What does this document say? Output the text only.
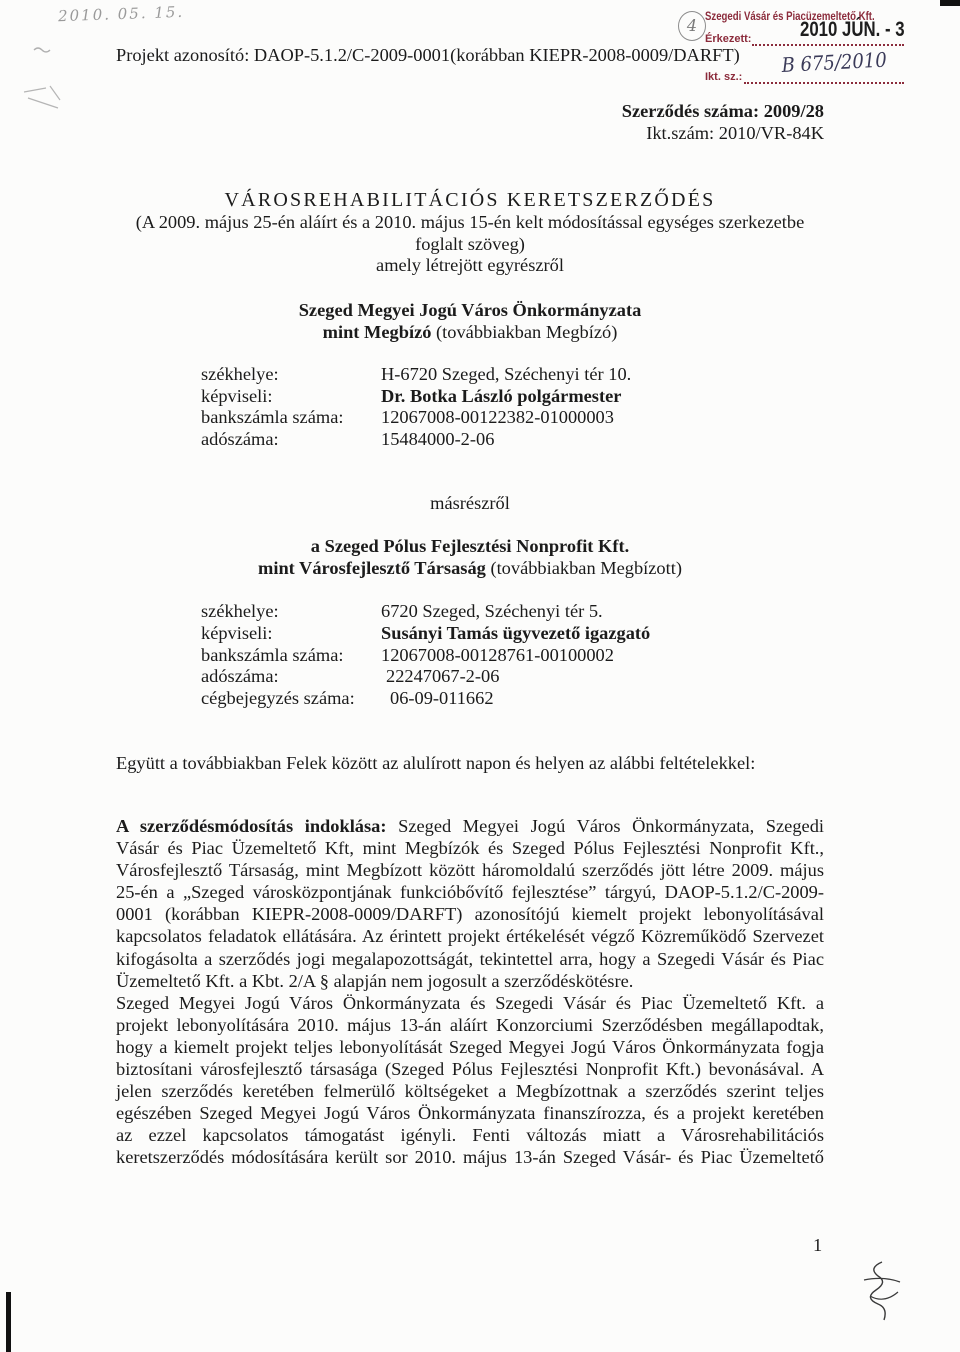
2010. 05. 15.
4 Szegedi Vásár és Piacüzemeltető Kft.
Érkezett: 2010 JÚN. - 3
B 675/2010
Ikt. sz.:
Projekt azonosító: DAOP-5.1.2/C-2009-0001(korábban KIEPR-2008-0009/DARFT)
Szerződés száma: 2009/28
Ikt.szám: 2010/VR-84K
VÁROSREHABILITÁCIÓS KERETSZERZŐDÉS
(A 2009. május 25-én aláírt és a 2010. május 15-én kelt módosítással egységes szerkezetbe
foglalt szöveg)
amely létrejött egyrészről
Szeged Megyei Jogú Város Önkormányzata
mint Megbízó (továbbiakban Megbízó)
székhelye:	H-6720 Szeged, Széchenyi tér 10.
képviseli:	Dr. Botka László polgármester
bankszámla száma: 12067008-00122382-01000003
adószáma:	15484000-2-06
másrészről
a Szeged Pólus Fejlesztési Nonprofit Kft.
mint Városfejlesztő Társaság (továbbiakban Megbízott)
székhelye:	6720 Szeged, Széchenyi tér 5.
képviseli:	Susányi Tamás ügyvezető igazgató
bankszámla száma: 12067008-00128761-00100002
adószáma:	22247067-2-06
cégbejegyzés száma: 06-09-011662
Együtt a továbbiakban Felek között az alulírott napon és helyen az alábbi feltételekkel:
A szerződésmódosítás indoklása: Szeged Megyei Jogú Város Önkormányzata, Szegedi
Vásár és Piac Üzemeltető Kft, mint Megbízók és Szeged Pólus Fejlesztési Nonprofit Kft.,
Városfejlesztő Társaság, mint Megbízott között háromoldalú szerződés jött létre 2009. május
25-én a „Szeged városközpontjának funkcióbővítő fejlesztése” tárgyú, DAOP-5.1.2/C-2009-
0001 (korábban KIEPR-2008-0009/DARFT) azonosítójú kiemelt projekt lebonyolításával
kapcsolatos feladatok ellátására. Az érintett projekt értékelését végző Közreműködő Szervezet
kifogásolta a szerződés jogi megalapozottságát, tekintettel arra, hogy a Szegedi Vásár és Piac
Üzemeltető Kft. a Kbt. 2/A § alapján nem jogosult a szerződéskötésre.
Szeged Megyei Jogú Város Önkormányzata és Szegedi Vásár és Piac Üzemeltető Kft. a
projekt lebonyolítására 2010. május 13-án aláírt Konzorciumi Szerződésben megállapodtak,
hogy a kiemelt projekt teljes lebonyolítását Szeged Megyei Jogú Város Önkormányzata fogja
biztosítani városfejlesztő társasága (Szeged Pólus Fejlesztési Nonprofit Kft.) bevonásával. A
jelen szerződés keretében felmerülő költségeket a Megbízottnak a szerződés szerint teljes
egészében Szeged Megyei Jogú Város Önkormányzata finanszírozza, és a projekt keretében
az ezzel kapcsolatos támogatást igényli. Fenti változás miatt a Városrehabilitációs
keretszerződés módosítására került sor 2010. május 13-án Szeged Vásár- és Piac Üzemeltető
1
